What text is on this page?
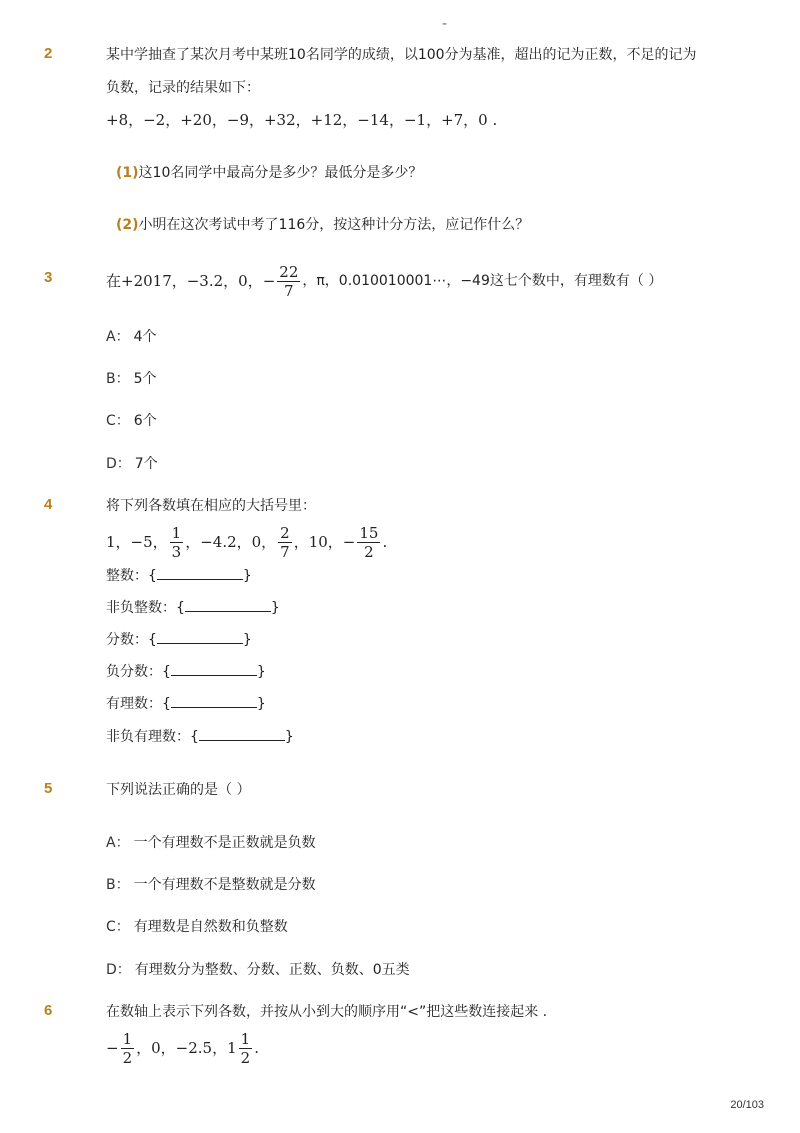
-
2	某中学抽查了某次月考中某班10名同学的成绩，以100分为基准，超出的记为正数，不足的记为
负数，记录的结果如下：
+8，−2，+20，−9，+32，+12，−14，−1，+7，0 .
(1)这10名同学中最高分是多少？最低分是多少？
(2)小明在这次考试中考了116分，按这种计分方法，应记作什么？
3	在+2017，−3.2，0，− $\frac{22}{7}$ ，π，0.010010001⋯，−49这七个数中，有理数有（ ）
A： 4个
B： 5个
C： 6个
D： 7个
4	将下列各数填在相应的大括号里：
1，−5， $\frac{1}{3}$ ，−4.2，0， $\frac{2}{7}$ ，10，− $\frac{15}{2}$ .
整数：{	}
非负整数：{	}
分数：{	}
负分数：{	}
有理数：{	}
非负有理数：{	}
5	下列说法正确的是（ ）
A： 一个有理数不是正数就是负数
B： 一个有理数不是整数就是分数
C： 有理数是自然数和负整数
D： 有理数分为整数、分数、正数、负数、0五类
6	在数轴上表示下列各数，并按从小到大的顺序用“<”把这些数连接起来 .
− $\frac{1}{2}$ ，0，−2.5，$1 \frac{1}{2}$ .
20/103
